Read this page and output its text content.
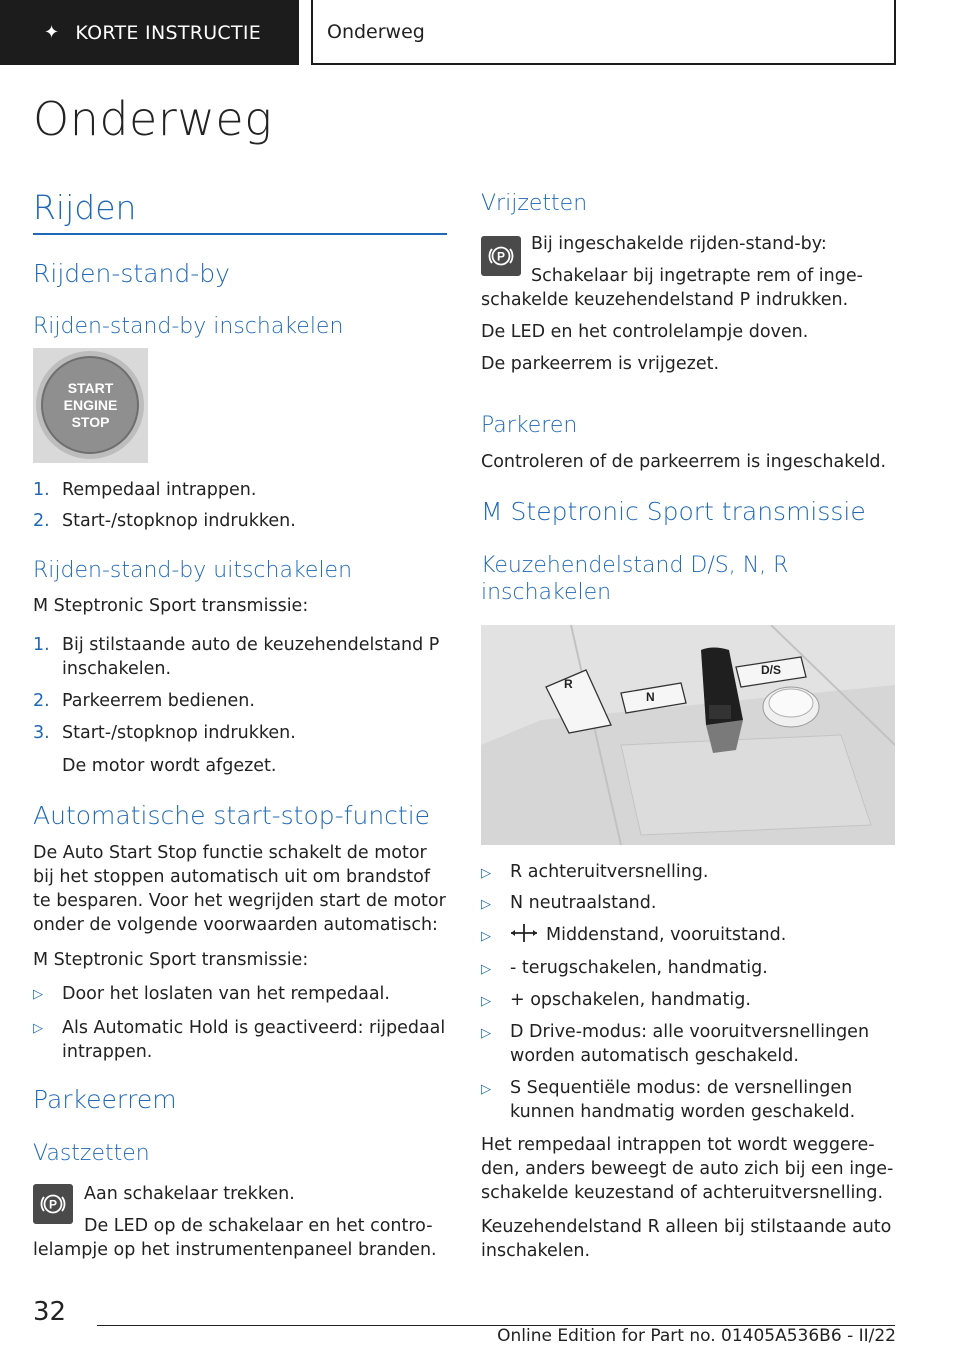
✦ KORTE INSTRUCTIE	Onderweg
Onderweg
Rijden
Rijden-stand-by
Rijden-stand-by inschakelen
START
ENGINE
STOP
1. Rempedaal intrappen.
2. Start-/stopknop indrukken.
Rijden-stand-by uitschakelen
M Steptronic Sport transmissie:
1. Bij stilstaande auto de keuzehendelstand P
inschakelen.
2. Parkeerrem bedienen.
3. Start-/stopknop indrukken.
De motor wordt afgezet.
Automatische start-stop-functie
De Auto Start Stop functie schakelt de motor
bij het stoppen automatisch uit om brandstof
te besparen. Voor het wegrijden start de motor
onder de volgende voorwaarden automatisch:
M Steptronic Sport transmissie:
▷ Door het loslaten van het rempedaal.
▷ Als Automatic Hold is geactiveerd: rijpedaal
intrappen.
Parkeerrem
Vastzetten
P
Aan schakelaar trekken.
De LED op de schakelaar en het contro-
lelampje op het instrumentenpaneel branden.
Vrijzetten
P
Bij ingeschakelde rijden-stand-by:
Schakelaar bij ingetrapte rem of inge-
schakelde keuzehendelstand P indrukken.
De LED en het controlelampje doven.
De parkeerrem is vrijgezet.
Parkeren
Controleren of de parkeerrem is ingeschakeld.
M Steptronic Sport transmissie
Keuzehendelstand D/S, N, R
inschakelen
R
N
D/S
▷ R achteruitversnelling.
▷ N neutraalstand.
▷	Middenstand, vooruitstand.
▷ - terugschakelen, handmatig.
▷ + opschakelen, handmatig.
▷ D Drive-modus: alle vooruitversnellingen
worden automatisch geschakeld.
▷ S Sequentiële modus: de versnellingen
kunnen handmatig worden geschakeld.
Het rempedaal intrappen tot wordt weggere-
den, anders beweegt de auto zich bij een inge-
schakelde keuzestand of achteruitversnelling.
Keuzehendelstand R alleen bij stilstaande auto
inschakelen.
32
Online Edition for Part no. 01405A536B6 - II/22
